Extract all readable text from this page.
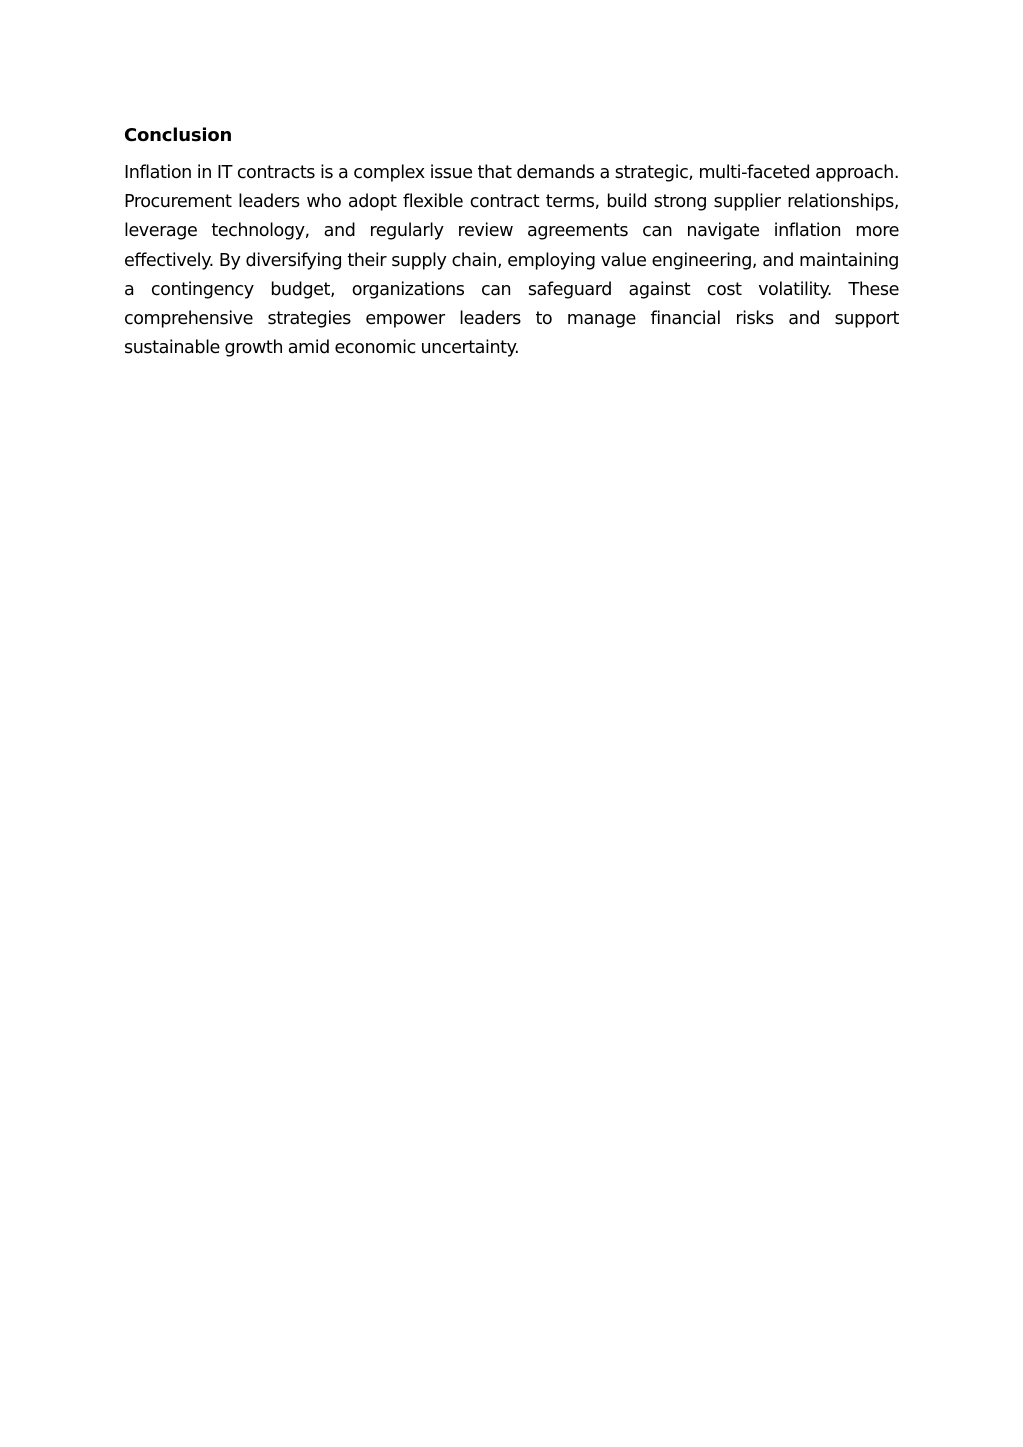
Conclusion

Inflation in IT contracts is a complex issue that demands a strategic, multi-faceted approach. Procurement leaders who adopt flexible contract terms, build strong supplier relationships, leverage technology, and regularly review agreements can navigate inflation more effectively. By diversifying their supply chain, employing value engineering, and maintaining a contingency budget, organizations can safeguard against cost volatility. These comprehensive strategies empower leaders to manage financial risks and support sustainable growth amid economic uncertainty.
